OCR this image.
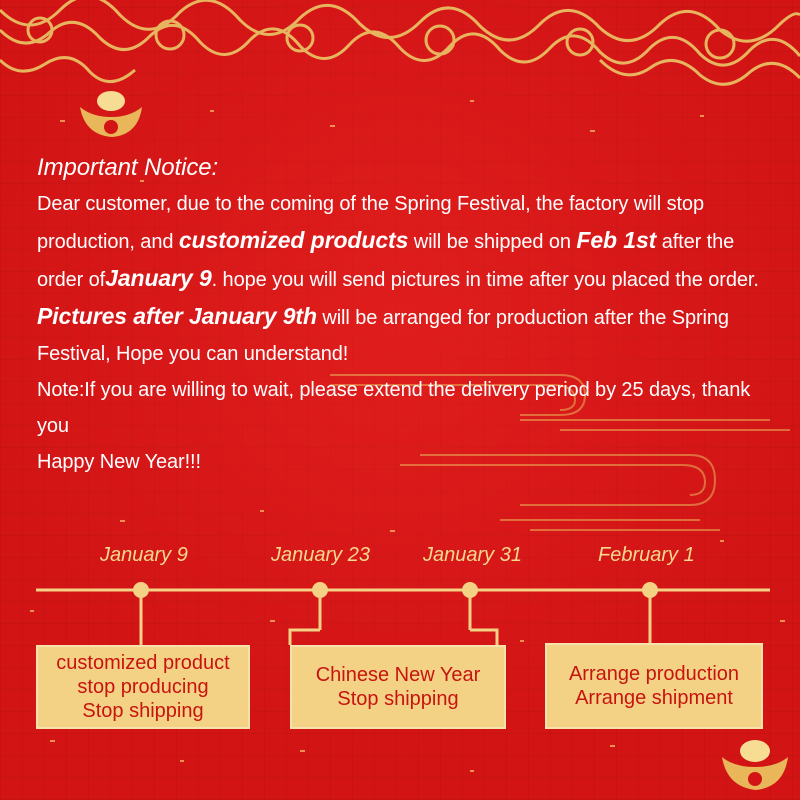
Important Notice:
Dear customer, due to the coming of the Spring Festival, the factory will stop production, and customized products will be shipped on Feb 1st after the order ofJanuary 9. hope you will send pictures in time after you placed the order. Pictures after January 9th will be arranged for production after the Spring Festival, Hope you can understand!
Note:If you are willing to wait, please extend the delivery period by 25 days, thank you
Happy New Year!!!
January 9	January 23	January 31	February 1
customized product
stop producing
Stop shipping
Chinese New Year
Stop shipping
Arrange production
Arrange shipment
